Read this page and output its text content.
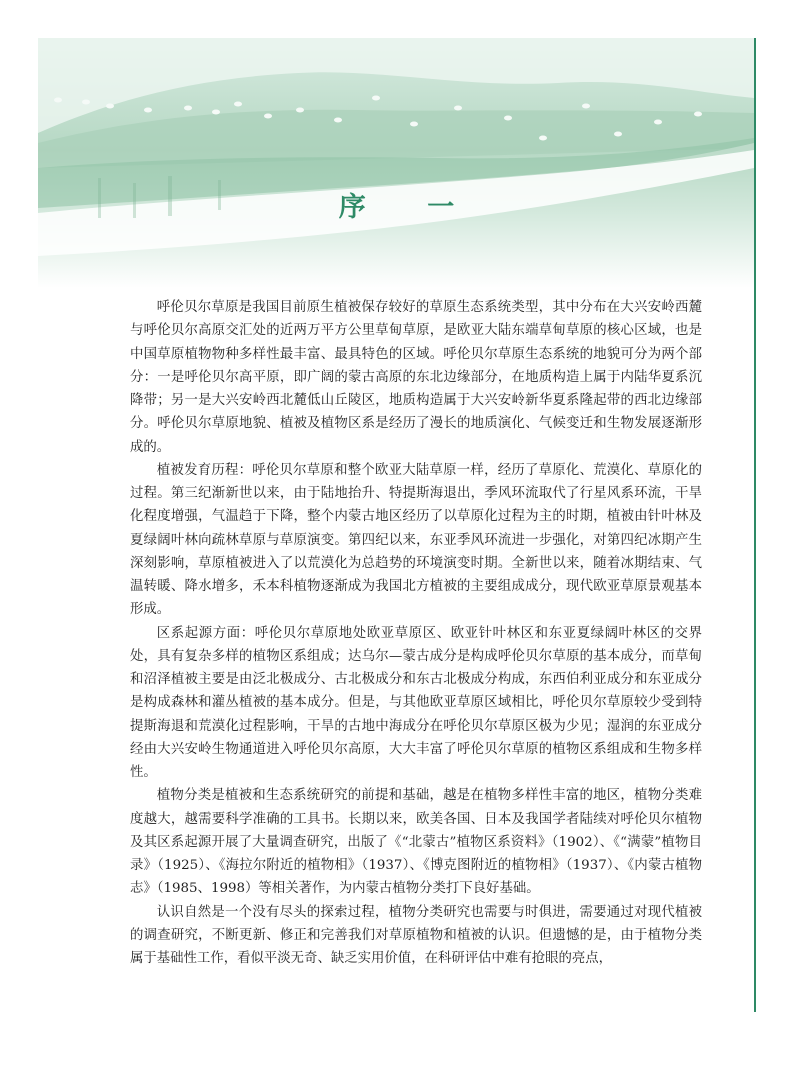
序 一

呼伦贝尔草原是我国目前原生植被保存较好的草原生态系统类型，其中分布在大兴安岭西麓与呼伦贝尔高原交汇处的近两万平方公里草甸草原，是欧亚大陆东端草甸草原的核心区域，也是中国草原植物物种多样性最丰富、最具特色的区域。呼伦贝尔草原生态系统的地貌可分为两个部分：一是呼伦贝尔高平原，即广阔的蒙古高原的东北边缘部分，在地质构造上属于内陆华夏系沉降带；另一是大兴安岭西北麓低山丘陵区，地质构造属于大兴安岭新华夏系隆起带的西北边缘部分。呼伦贝尔草原地貌、植被及植物区系是经历了漫长的地质演化、气候变迁和生物发展逐渐形成的。

植被发育历程：呼伦贝尔草原和整个欧亚大陆草原一样，经历了草原化、荒漠化、草原化的过程。第三纪渐新世以来，由于陆地抬升、特提斯海退出，季风环流取代了行星风系环流，干旱化程度增强，气温趋于下降，整个内蒙古地区经历了以草原化过程为主的时期，植被由针叶林及夏绿阔叶林向疏林草原与草原演变。第四纪以来，东亚季风环流进一步强化，对第四纪冰期产生深刻影响，草原植被进入了以荒漠化为总趋势的环境演变时期。全新世以来，随着冰期结束、气温转暖、降水增多，禾本科植物逐渐成为我国北方植被的主要组成成分，现代欧亚草原景观基本形成。

区系起源方面：呼伦贝尔草原地处欧亚草原区、欧亚针叶林区和东亚夏绿阔叶林区的交界处，具有复杂多样的植物区系组成；达乌尔—蒙古成分是构成呼伦贝尔草原的基本成分，而草甸和沼泽植被主要是由泛北极成分、古北极成分和东古北极成分构成，东西伯利亚成分和东亚成分是构成森林和灌丛植被的基本成分。但是，与其他欧亚草原区域相比，呼伦贝尔草原较少受到特提斯海退和荒漠化过程影响，干旱的古地中海成分在呼伦贝尔草原区极为少见；湿润的东亚成分经由大兴安岭生物通道进入呼伦贝尔高原，大大丰富了呼伦贝尔草原的植物区系组成和生物多样性。

植物分类是植被和生态系统研究的前提和基础，越是在植物多样性丰富的地区，植物分类难度越大，越需要科学准确的工具书。长期以来，欧美各国、日本及我国学者陆续对呼伦贝尔植物及其区系起源开展了大量调查研究，出版了《“北蒙古”植物区系资料》（1902）、《“满蒙”植物目录》（1925）、《海拉尔附近的植物相》（1937）、《博克图附近的植物相》（1937）、《内蒙古植物志》（1985、1998）等相关著作，为内蒙古植物分类打下良好基础。

认识自然是一个没有尽头的探索过程，植物分类研究也需要与时俱进，需要通过对现代植被的调查研究，不断更新、修正和完善我们对草原植物和植被的认识。但遗憾的是，由于植物分类属于基础性工作，看似平淡无奇、缺乏实用价值，在科研评估中难有抢眼的亮点，
